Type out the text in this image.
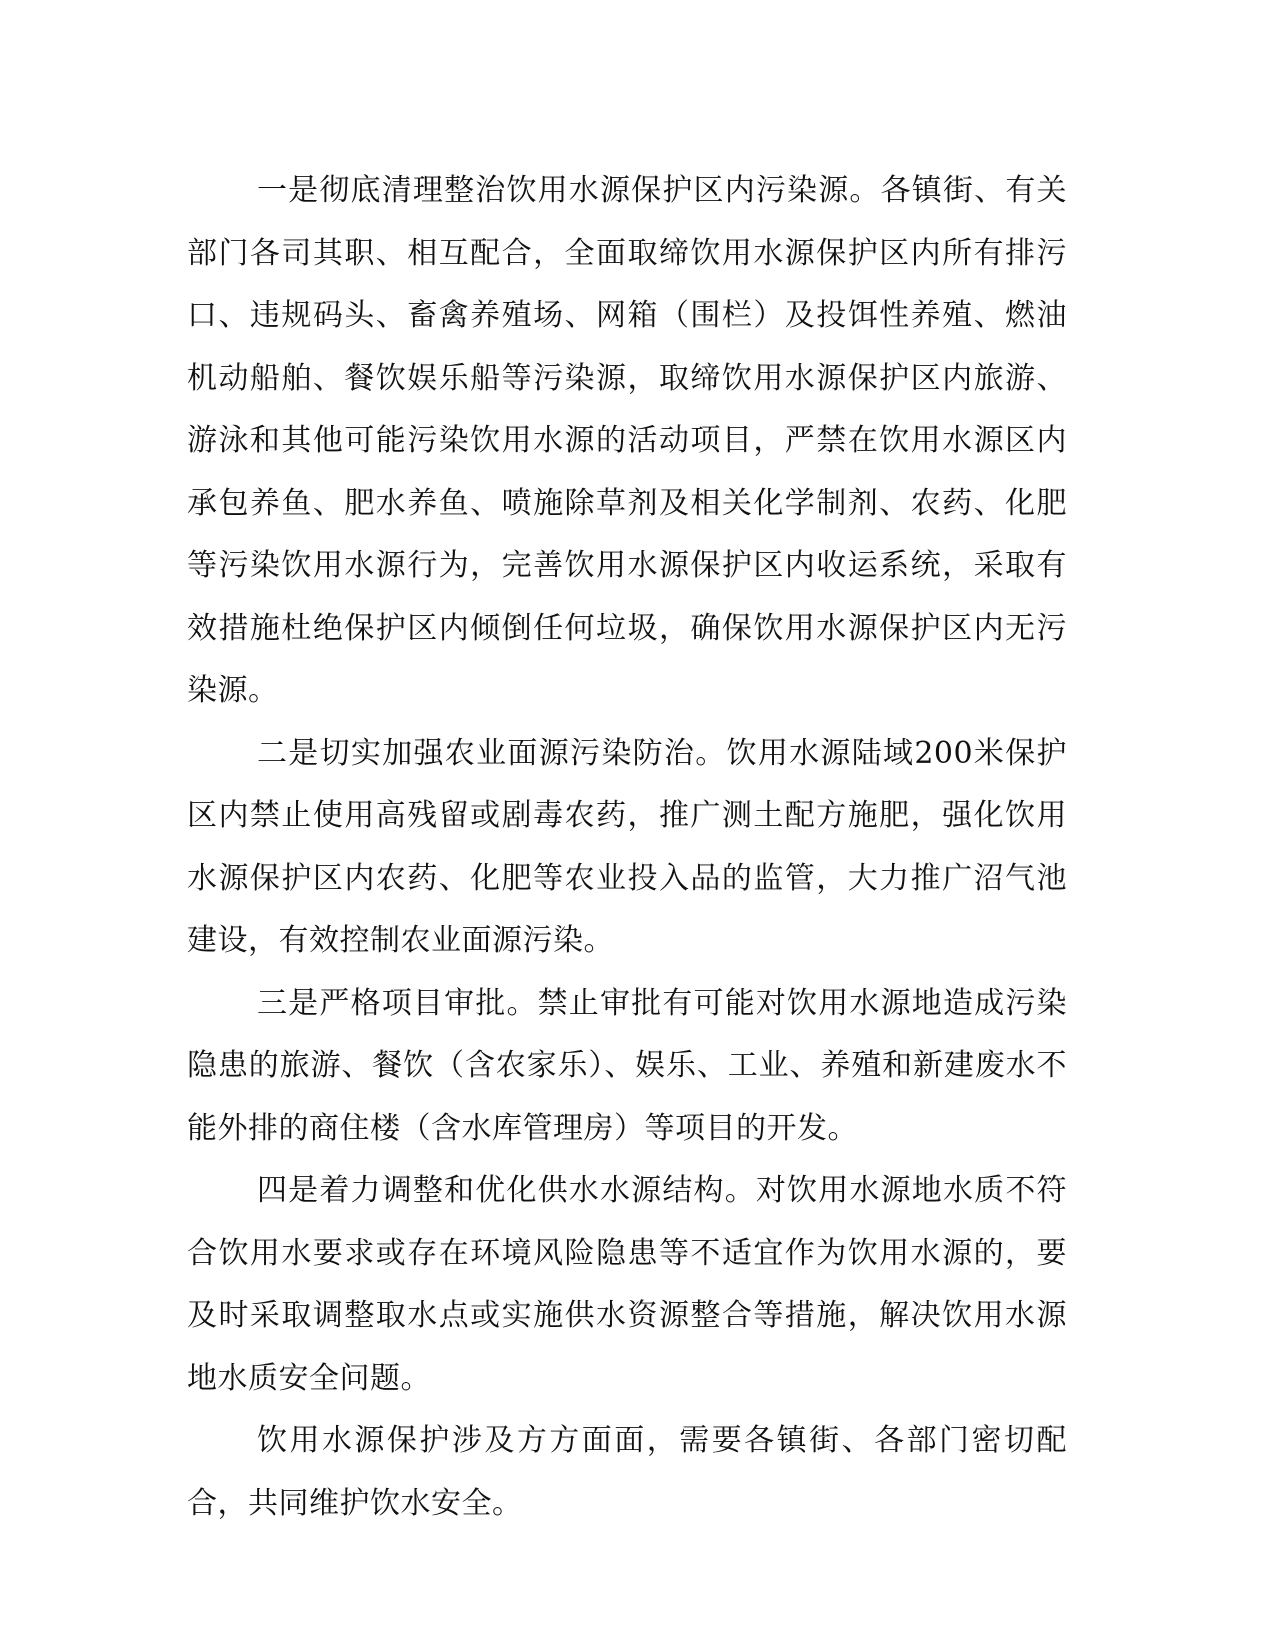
一是彻底清理整治饮用水源保护区内污染源。各镇街、有关部门各司其职、相互配合，全面取缔饮用水源保护区内所有排污口、违规码头、畜禽养殖场、网箱（围栏）及投饵性养殖、燃油机动船舶、餐饮娱乐船等污染源，取缔饮用水源保护区内旅游、游泳和其他可能污染饮用水源的活动项目，严禁在饮用水源区内承包养鱼、肥水养鱼、喷施除草剂及相关化学制剂、农药、化肥等污染饮用水源行为，完善饮用水源保护区内收运系统，采取有效措施杜绝保护区内倾倒任何垃圾，确保饮用水源保护区内无污染源。

二是切实加强农业面源污染防治。饮用水源陆域200米保护区内禁止使用高残留或剧毒农药，推广测土配方施肥，强化饮用水源保护区内农药、化肥等农业投入品的监管，大力推广沼气池建设，有效控制农业面源污染。

三是严格项目审批。禁止审批有可能对饮用水源地造成污染隐患的旅游、餐饮（含农家乐）、娱乐、工业、养殖和新建废水不能外排的商住楼（含水库管理房）等项目的开发。

四是着力调整和优化供水水源结构。对饮用水源地水质不符合饮用水要求或存在环境风险隐患等不适宜作为饮用水源的，要及时采取调整取水点或实施供水资源整合等措施，解决饮用水源地水质安全问题。

饮用水源保护涉及方方面面，需要各镇街、各部门密切配合，共同维护饮水安全。
